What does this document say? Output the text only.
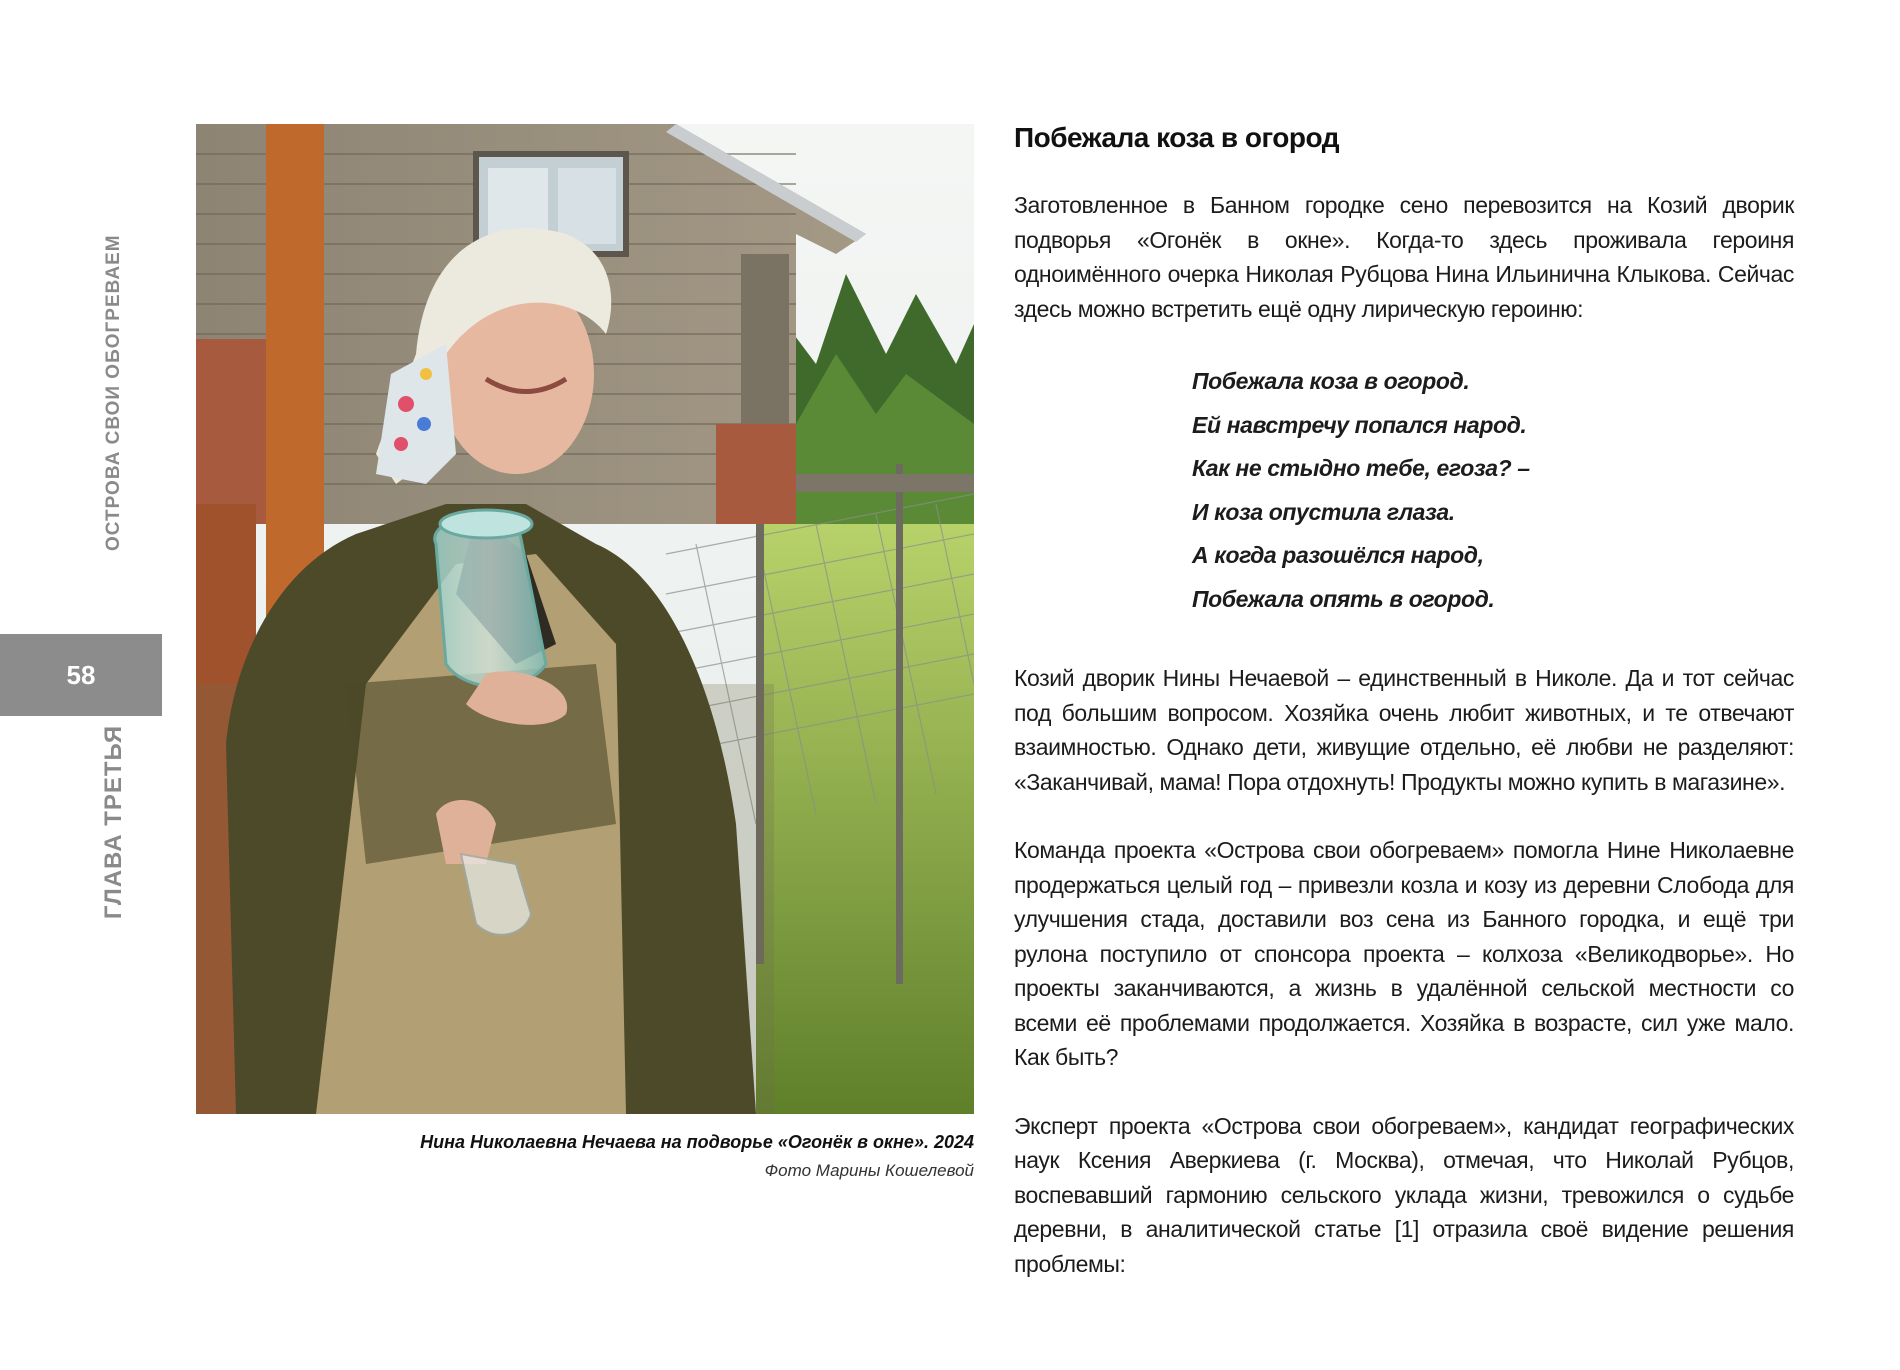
ОСТРОВА СВОИ ОБОГРЕВАЕМ
58
ГЛАВА ТРЕТЬЯ
Нина Николаевна Нечаева на подворье «Огонёк в окне». 2024
Фото Марины Кошелевой
Побежала коза в огород

Заготовленное в Банном городке сено перевозится на Козий дворик подворья «Огонёк в окне». Когда-то здесь проживала героиня одноимённого очерка Николая Рубцова Нина Ильинична Клыкова. Сейчас здесь можно встретить ещё одну лирическую героиню:

Побежала коза в огород.
Ей навстречу попался народ.
Как не стыдно тебе, егоза? –
И коза опустила глаза.
А когда разошёлся народ,
Побежала опять в огород.

Козий дворик Нины Нечаевой – единственный в Николе. Да и тот сейчас под большим вопросом. Хозяйка очень любит животных, и те отвечают взаимностью. Однако дети, живущие отдельно, её любви не разделяют: «Заканчивай, мама! Пора отдохнуть! Продукты можно купить в магазине».

Команда проекта «Острова свои обогреваем» помогла Нине Николаевне продержаться целый год – привезли козла и козу из деревни Слобода для улучшения стада, доставили воз сена из Банного городка, и ещё три рулона поступило от спонсора проекта – колхоза «Великодворье». Но проекты заканчиваются, а жизнь в удалённой сельской местности со всеми её проблемами продолжается. Хозяйка в возрасте, сил уже мало. Как быть?

Эксперт проекта «Острова свои обогреваем», кандидат географических наук Ксения Аверкиева (г. Москва), отмечая, что Николай Рубцов, воспевавший гармонию сельского уклада жизни, тревожился о судьбе деревни, в аналитической статье [1] отразила своё видение решения проблемы:
